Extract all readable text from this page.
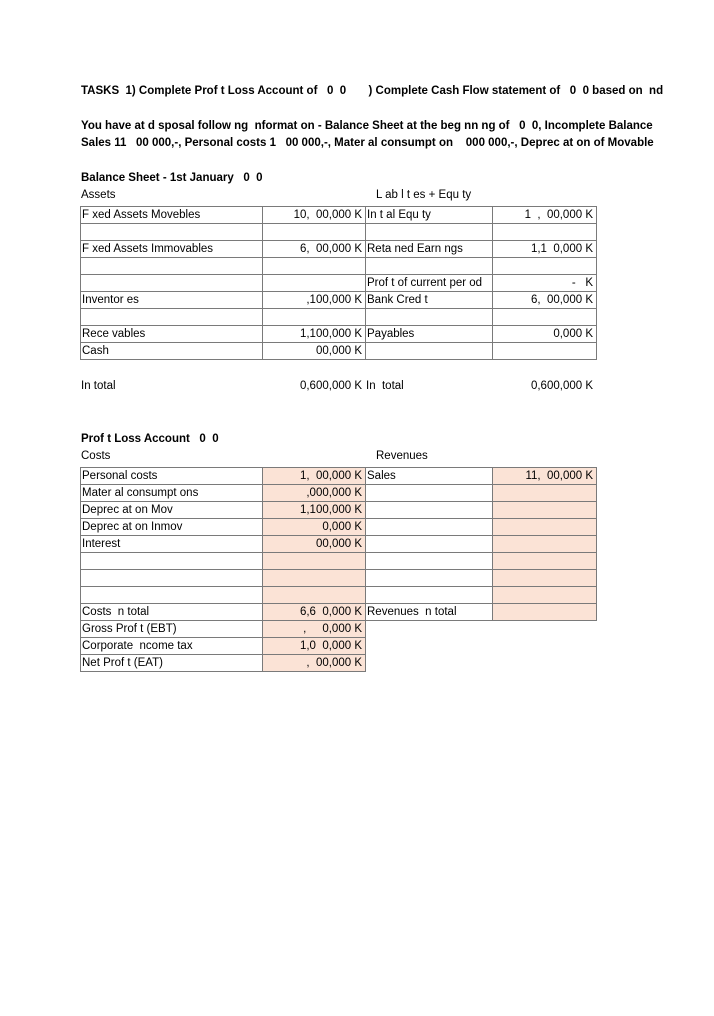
TASKS  1) Complete Prof t Loss Account of   0  0       ) Complete Cash Flow statement of   0  0 based on  nd
You have at d sposal follow ng  nformat on - Balance Sheet at the beg nn ng of   0  0, Incomplete Balance
Sales 11   00 000,-, Personal costs 1   00 000,-, Mater al consumpt on    000 000,-, Deprec at on of Movable
Balance Sheet - 1st January   0  0
Assets	L ab l t es + Equ ty
F xed Assets Movebles	10,  00,000 K	In t al Equ ty	1  ,  00,000 K

F xed Assets Immovables	6,  00,000 K	Reta ned Earn ngs	1,1  0,000 K

		Prof t of current per od	-   K
Inventor es	,100,000 K	Bank Cred t	6,  00,000 K

Rece vables	1,100,000 K	Payables	0,000 K
Cash	00,000 K		
In total	0,600,000 K	In  total	0,600,000 K
Prof t Loss Account   0  0
Costs	Revenues
Personal costs	1,  00,000 K	Sales	11,  00,000 K
Mater al consumpt ons	,000,000 K		
Deprec at on Mov	1,100,000 K		
Deprec at on Inmov	0,000 K		
Interest	00,000 K		

Costs  n total	6,6  0,000 K	Revenues  n total	
Gross Prof t (EBT)	,     0,000 K		
Corporate  ncome tax	1,0  0,000 K		
Net Prof t (EAT)	,  00,000 K		
